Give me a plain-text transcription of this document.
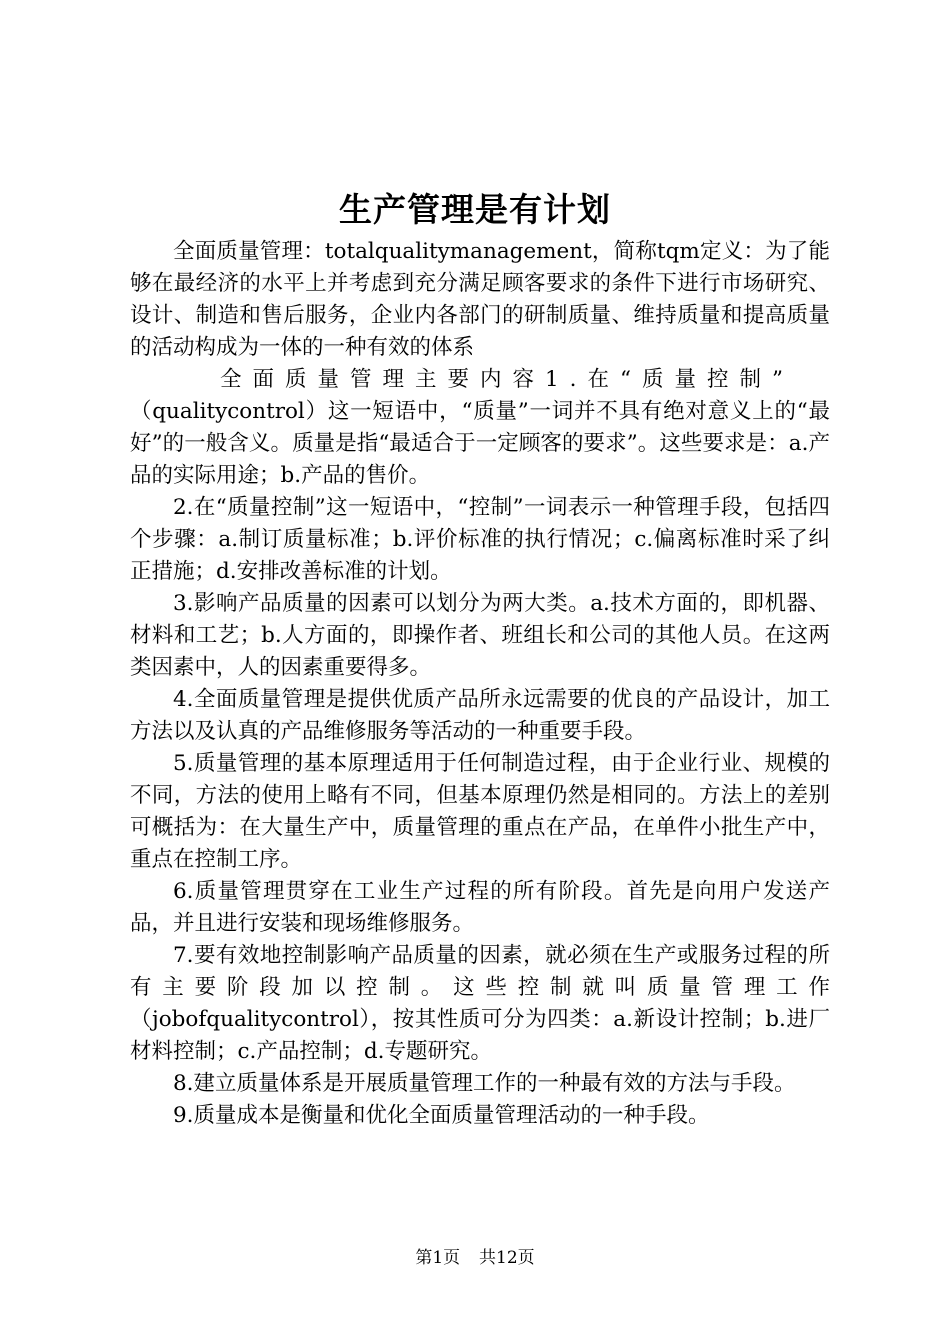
生产管理是有计划

全面质量管理：totalqualitymanagement，简称tqm定义：为了能够在最经济的水平上并考虑到充分满足顾客要求的条件下进行市场研究、设计、制造和售后服务，企业内各部门的研制质量、维持质量和提高质量的活动构成为一体的一种有效的体系

全面质量管理主要内容1.在“质量控制”

（qualitycontrol）这一短语中，“质量”一词并不具有绝对意义上的“最好”的一般含义。质量是指“最适合于一定顾客的要求”。这些要求是：a.产品的实际用途；b.产品的售价。

2.在“质量控制”这一短语中，“控制”一词表示一种管理手段，包括四个步骤：a.制订质量标准；b.评价标准的执行情况；c.偏离标准时采了纠正措施；d.安排改善标准的计划。

3.影响产品质量的因素可以划分为两大类。a.技术方面的，即机器、材料和工艺；b.人方面的，即操作者、班组长和公司的其他人员。在这两类因素中，人的因素重要得多。

4.全面质量管理是提供优质产品所永远需要的优良的产品设计，加工方法以及认真的产品维修服务等活动的一种重要手段。

5.质量管理的基本原理适用于任何制造过程，由于企业行业、规模的不同，方法的使用上略有不同，但基本原理仍然是相同的。方法上的差别可概括为：在大量生产中，质量管理的重点在产品，在单件小批生产中，重点在控制工序。

6.质量管理贯穿在工业生产过程的所有阶段。首先是向用户发送产品，并且进行安装和现场维修服务。

7.要有效地控制影响产品质量的因素，就必须在生产或服务过程的所有主要阶段加以控制。这些控制就叫质量管理工作（jobofqualitycontrol），按其性质可分为四类：a.新设计控制；b.进厂材料控制；c.产品控制；d.专题研究。

8.建立质量体系是开展质量管理工作的一种最有效的方法与手段。

9.质量成本是衡量和优化全面质量管理活动的一种手段。

第1页 共12页
